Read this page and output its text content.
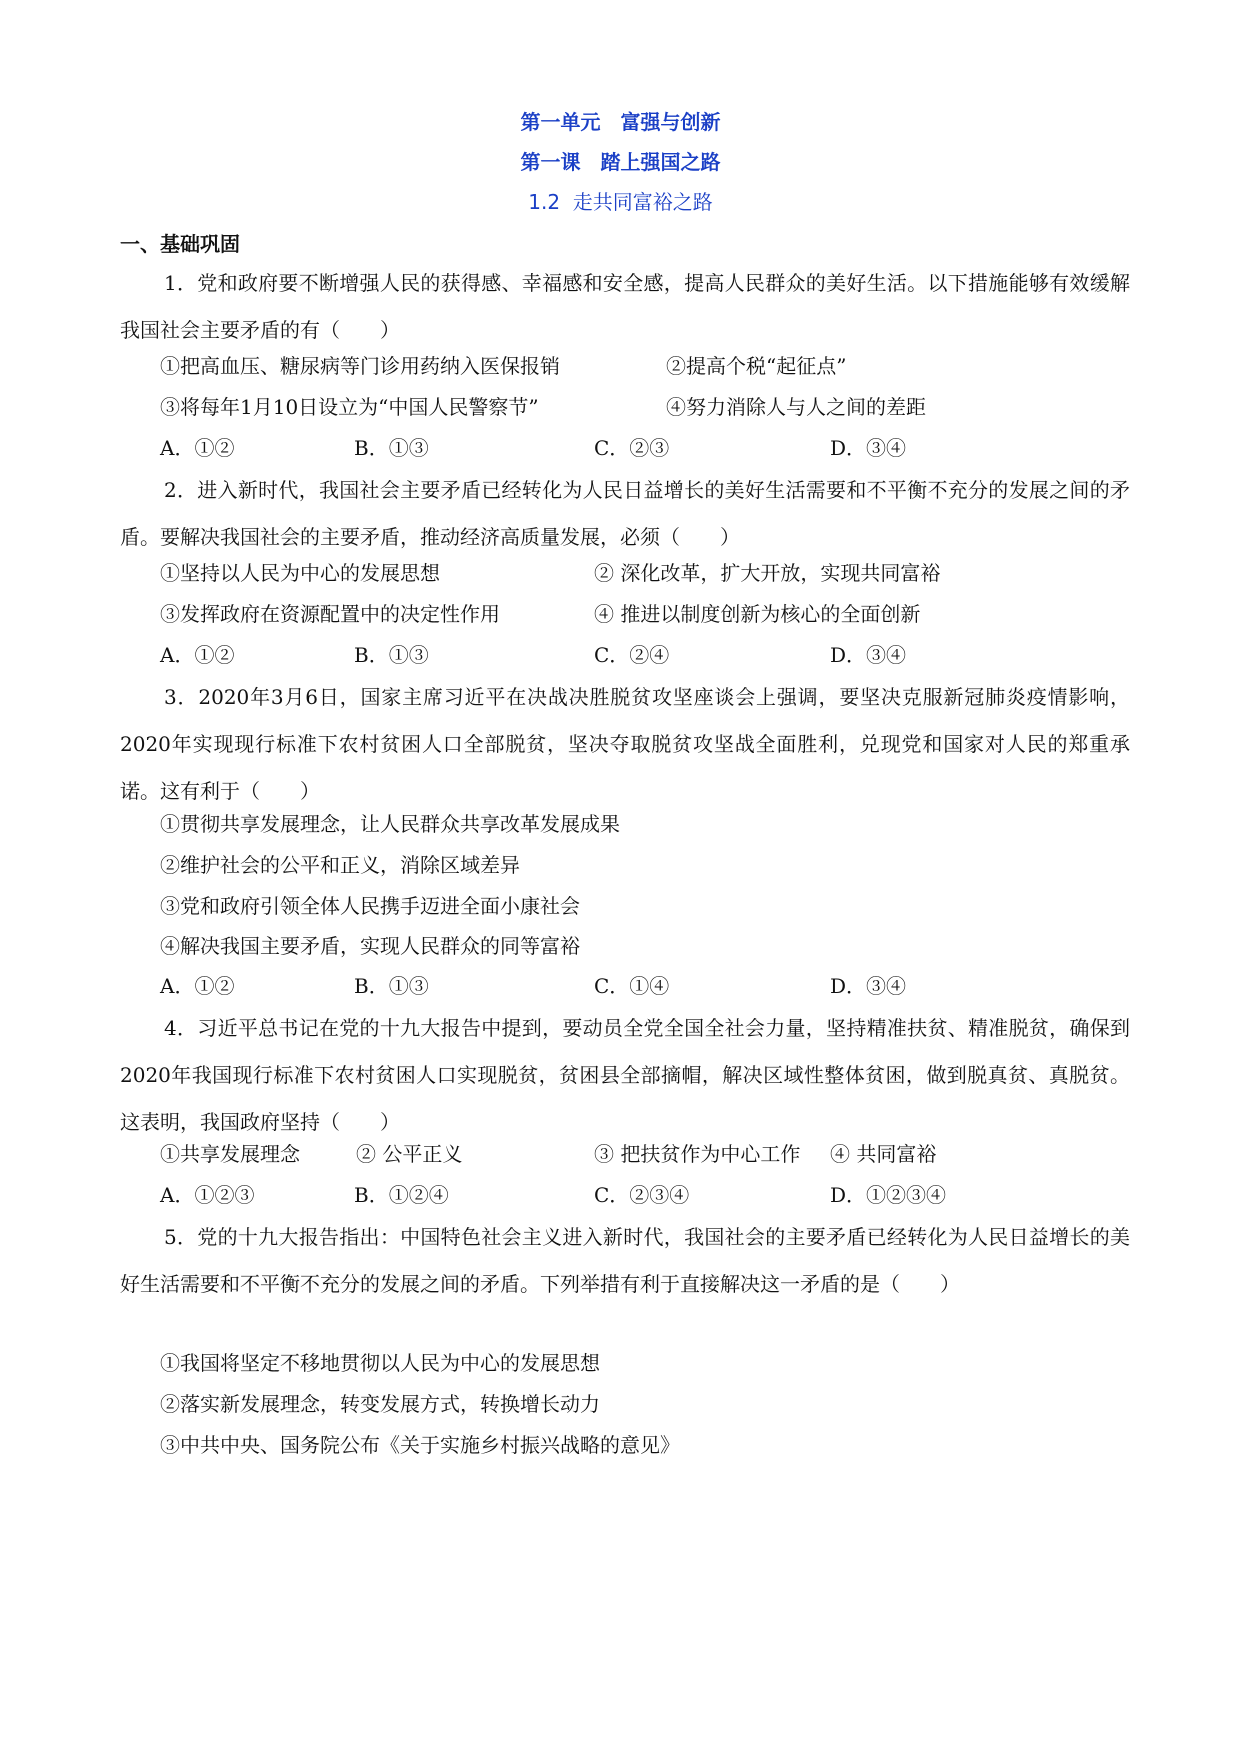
第一单元　富强与创新
第一课　踏上强国之路
1.2  走共同富裕之路
一、基础巩固
1．党和政府要不断增强人民的获得感、幸福感和安全感，提高人民群众的美好生活。以下措施能够有效缓解我国社会主要矛盾的有（　　）
①把高血压、糖尿病等门诊用药纳入医保报销	②提高个税“起征点”
③将每年1月10日设立为“中国人民警察节”	④努力消除人与人之间的差距
A．①②	B．①③	C．②③	D．③④
2．进入新时代，我国社会主要矛盾已经转化为人民日益增长的美好生活需要和不平衡不充分的发展之间的矛盾。要解决我国社会的主要矛盾，推动经济高质量发展，必须（　　）
①坚持以人民为中心的发展思想	② 深化改革，扩大开放，实现共同富裕
③发挥政府在资源配置中的决定性作用	④ 推进以制度创新为核心的全面创新
A．①②	B．①③	C．②④	D．③④
3．2020年3月6日，国家主席习近平在决战决胜脱贫攻坚座谈会上强调，要坚决克服新冠肺炎疫情影响，2020年实现现行标准下农村贫困人口全部脱贫，坚决夺取脱贫攻坚战全面胜利，兑现党和国家对人民的郑重承诺。这有利于（　　）
①贯彻共享发展理念，让人民群众共享改革发展成果
②维护社会的公平和正义，消除区域差异
③党和政府引领全体人民携手迈进全面小康社会
④解决我国主要矛盾，实现人民群众的同等富裕
A．①②	B．①③	C．①④	D．③④
4．习近平总书记在党的十九大报告中提到，要动员全党全国全社会力量，坚持精准扶贫、精准脱贫，确保到2020年我国现行标准下农村贫困人口实现脱贫，贫困县全部摘帽，解决区域性整体贫困，做到脱真贫、真脱贫。这表明，我国政府坚持（　　）
①共享发展理念	② 公平正义	③ 把扶贫作为中心工作 ④ 共同富裕
A．①②③	B．①②④	C．②③④	D．①②③④
5．党的十九大报告指出：中国特色社会主义进入新时代，我国社会的主要矛盾已经转化为人民日益增长的美好生活需要和不平衡不充分的发展之间的矛盾。下列举措有利于直接解决这一矛盾的是（　　）
①我国将坚定不移地贯彻以人民为中心的发展思想
②落实新发展理念，转变发展方式，转换增长动力
③中共中央、国务院公布《关于实施乡村振兴战略的意见》
